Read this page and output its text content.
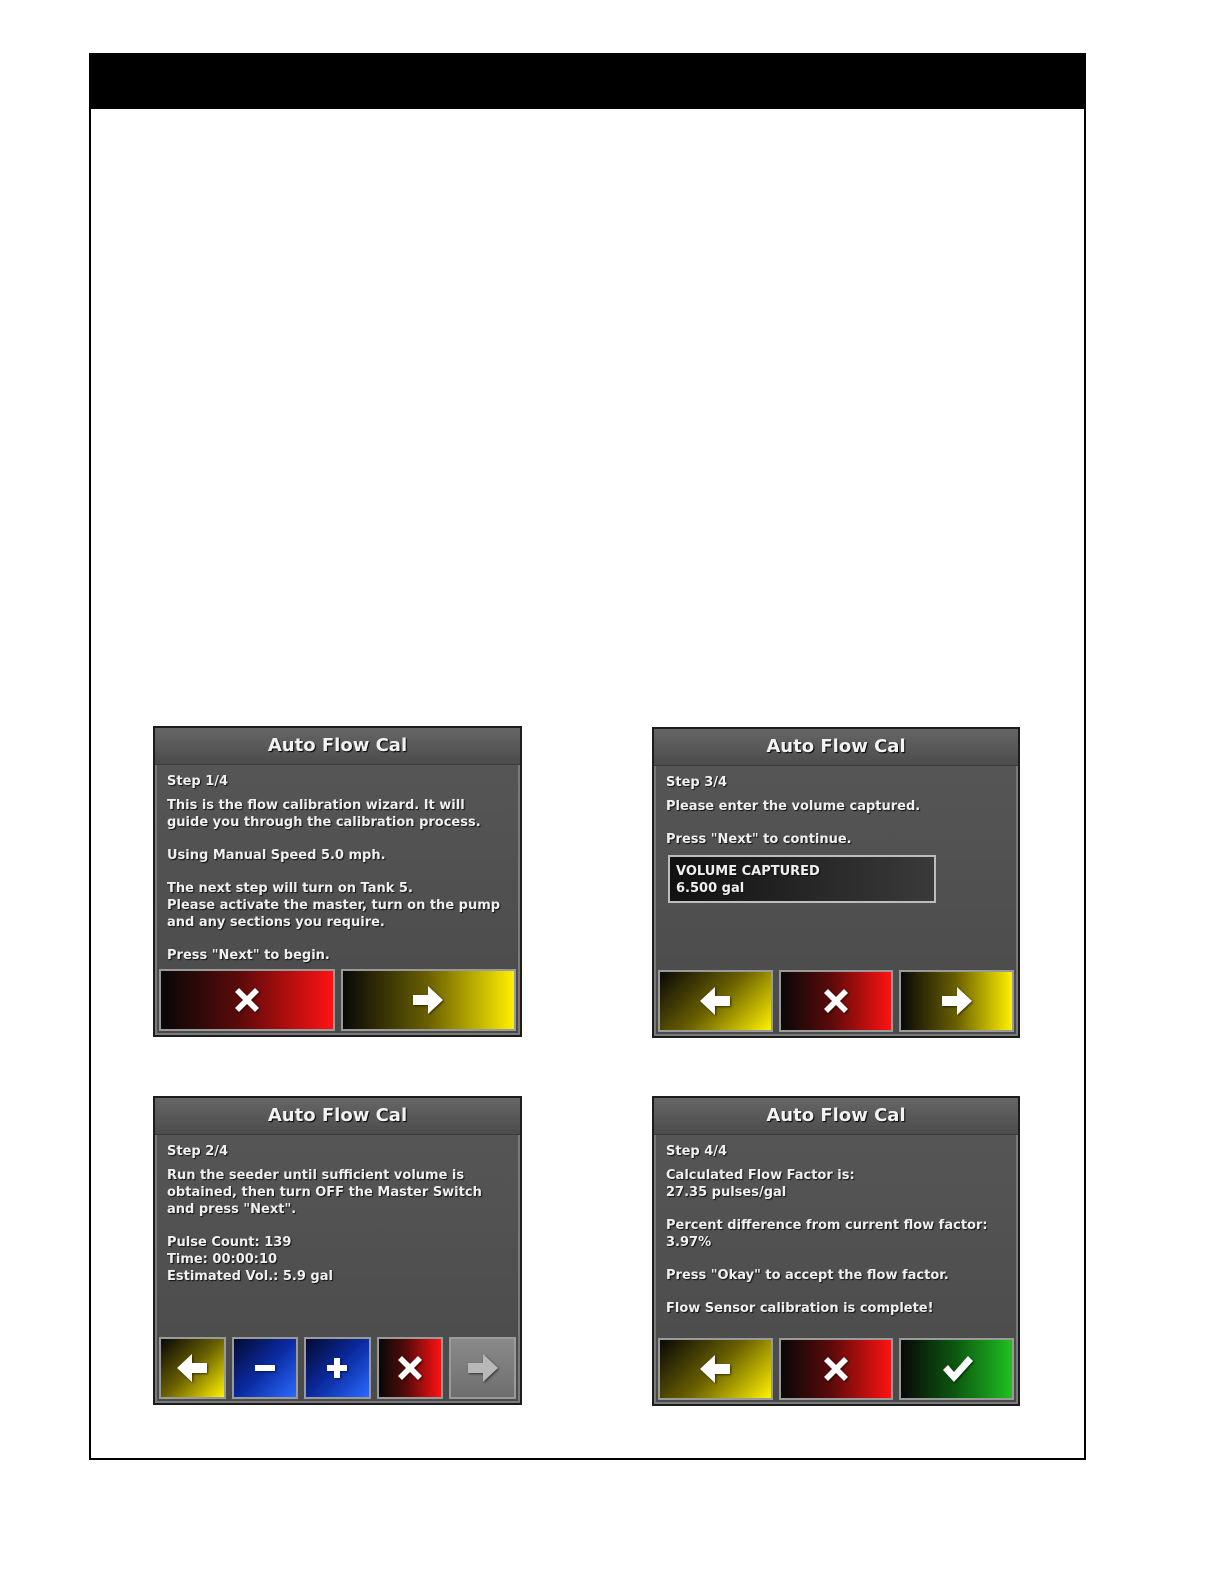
Auto Flow Cal

Step 1/4

This is the flow calibration wizard. It will guide you through the calibration process.

Using Manual Speed 5.0 mph.

The next step will turn on Tank 5.

Please activate the master, turn on the pump and any sections you require.

Press "Next" to begin.

Auto Flow Cal

Step 3/4

Please enter the volume captured.

Press "Next" to continue.

VOLUME CAPTURED
6.500 gal
Auto Flow Cal

Step 2/4

Run the seeder until sufficient volume is obtained, then turn OFF the Master Switch and press "Next".

Pulse Count: 139
Time: 00:00:10
Estimated Vol.: 5.9 gal
Auto Flow Cal

Step 4/4

Calculated Flow Factor is:

27.35 pulses/gal

Percent difference from current flow factor:

3.97%

Press "Okay" to accept the flow factor.

Flow Sensor calibration is complete!
